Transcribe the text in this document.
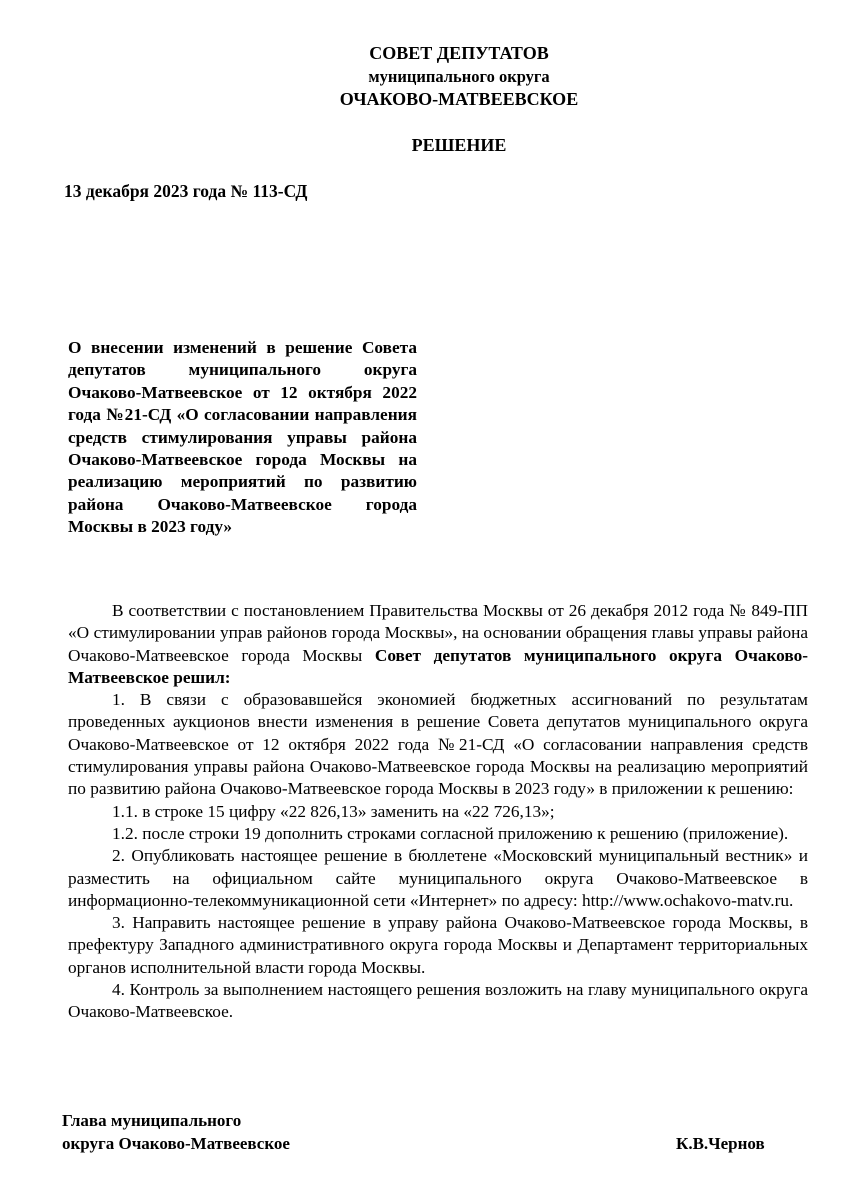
СОВЕТ ДЕПУТАТОВ
муниципального округа
ОЧАКОВО-МАТВЕЕВСКОЕ
РЕШЕНИЕ
13 декабря 2023 года № 113-СД
О внесении изменений в решение Совета депутатов муниципального округа Очаково-Матвеевское от 12 октября 2022 года №21-СД «О согласовании направления средств стимулирования управы района Очаково-Матвеевское города Москвы на реализацию мероприятий по развитию района Очаково-Матвеевское города Москвы в 2023 году»

В соответствии с постановлением Правительства Москвы от 26 декабря 2012 года № 849-ПП «О стимулировании управ районов города Москвы», на основании обращения главы управы района Очаково-Матвеевское города Москвы Совет депутатов муниципального округа Очаково-Матвеевское решил:

1. В связи с образовавшейся экономией бюджетных ассигнований по результатам проведенных аукционов внести изменения в решение Совета депутатов муниципального округа Очаково-Матвеевское от 12 октября 2022 года №21-СД «О согласовании направления средств стимулирования управы района Очаково-Матвеевское города Москвы на реализацию мероприятий по развитию района Очаково-Матвеевское города Москвы в 2023 году» в приложении к решению:

1.1. в строке 15 цифру «22 826,13» заменить на «22 726,13»;

1.2. после строки 19 дополнить строками согласной приложению к решению (приложение).

2. Опубликовать настоящее решение в бюллетене «Московский муниципальный вестник» и разместить на официальном сайте муниципального округа Очаково-Матвеевское в информационно-телекоммуникационной сети «Интернет» по адресу: http://www.ochakovo-matv.ru.

3. Направить настоящее решение в управу района Очаково-Матвеевское города Москвы, в префектуру Западного административного округа города Москвы и Департамент территориальных органов исполнительной власти города Москвы.

4. Контроль за выполнением настоящего решения возложить на главу муниципального округа Очаково-Матвеевское.

Глава муниципального
округа Очаково-Матвеевское	К.В.Чернов
